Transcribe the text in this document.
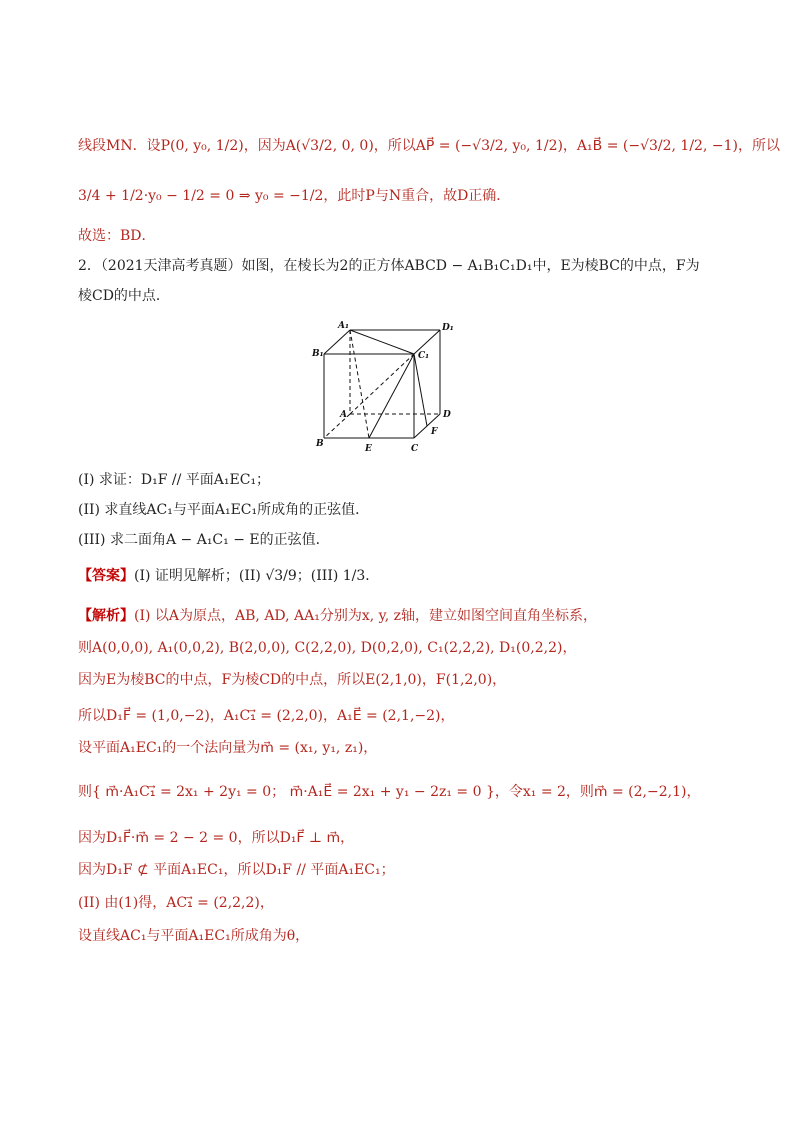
线段MN．设P(0, y₀, 1/2)，因为A(√3/2, 0, 0)，所以AP⃗ = (−√3/2, y₀, 1/2)，A₁B⃗ = (−√3/2, 1/2, −1)，所以
3/4 + 1/2·y₀ − 1/2 = 0 ⇒ y₀ = −1/2，此时P与N重合，故D正确．
故选：BD．
2．（2021天津高考真题）如图，在棱长为2的正方体ABCD − A₁B₁C₁D₁中，E为棱BC的中点，F为
棱CD的中点．
A₁	D₁
B₁	C₁
A	D
B	E	C
F
(I) 求证：D₁F // 平面A₁EC₁；
(II) 求直线AC₁与平面A₁EC₁所成角的正弦值．
(III) 求二面角A − A₁C₁ − E的正弦值．
【答案】(I) 证明见解析；(II) √3/9；(III) 1/3．
【解析】(I) 以A为原点，AB, AD, AA₁分别为x, y, z轴，建立如图空间直角坐标系，
则A(0,0,0), A₁(0,0,2), B(2,0,0), C(2,2,0), D(0,2,0), C₁(2,2,2), D₁(0,2,2)，
因为E为棱BC的中点，F为棱CD的中点，所以E(2,1,0)，F(1,2,0)，
所以D₁F⃗ = (1,0,−2)，A₁C₁⃗ = (2,2,0)，A₁E⃗ = (2,1,−2)，
设平面A₁EC₁的一个法向量为m⃗ = (x₁, y₁, z₁)，
则{ m⃗·A₁C₁⃗ = 2x₁ + 2y₁ = 0； m⃗·A₁E⃗ = 2x₁ + y₁ − 2z₁ = 0 }，令x₁ = 2，则m⃗ = (2,−2,1)，
因为D₁F⃗·m⃗ = 2 − 2 = 0，所以D₁F⃗ ⊥ m⃗，
因为D₁F ⊄ 平面A₁EC₁，所以D₁F // 平面A₁EC₁；
(II) 由(1)得，AC₁⃗ = (2,2,2)，
设直线AC₁与平面A₁EC₁所成角为θ，
